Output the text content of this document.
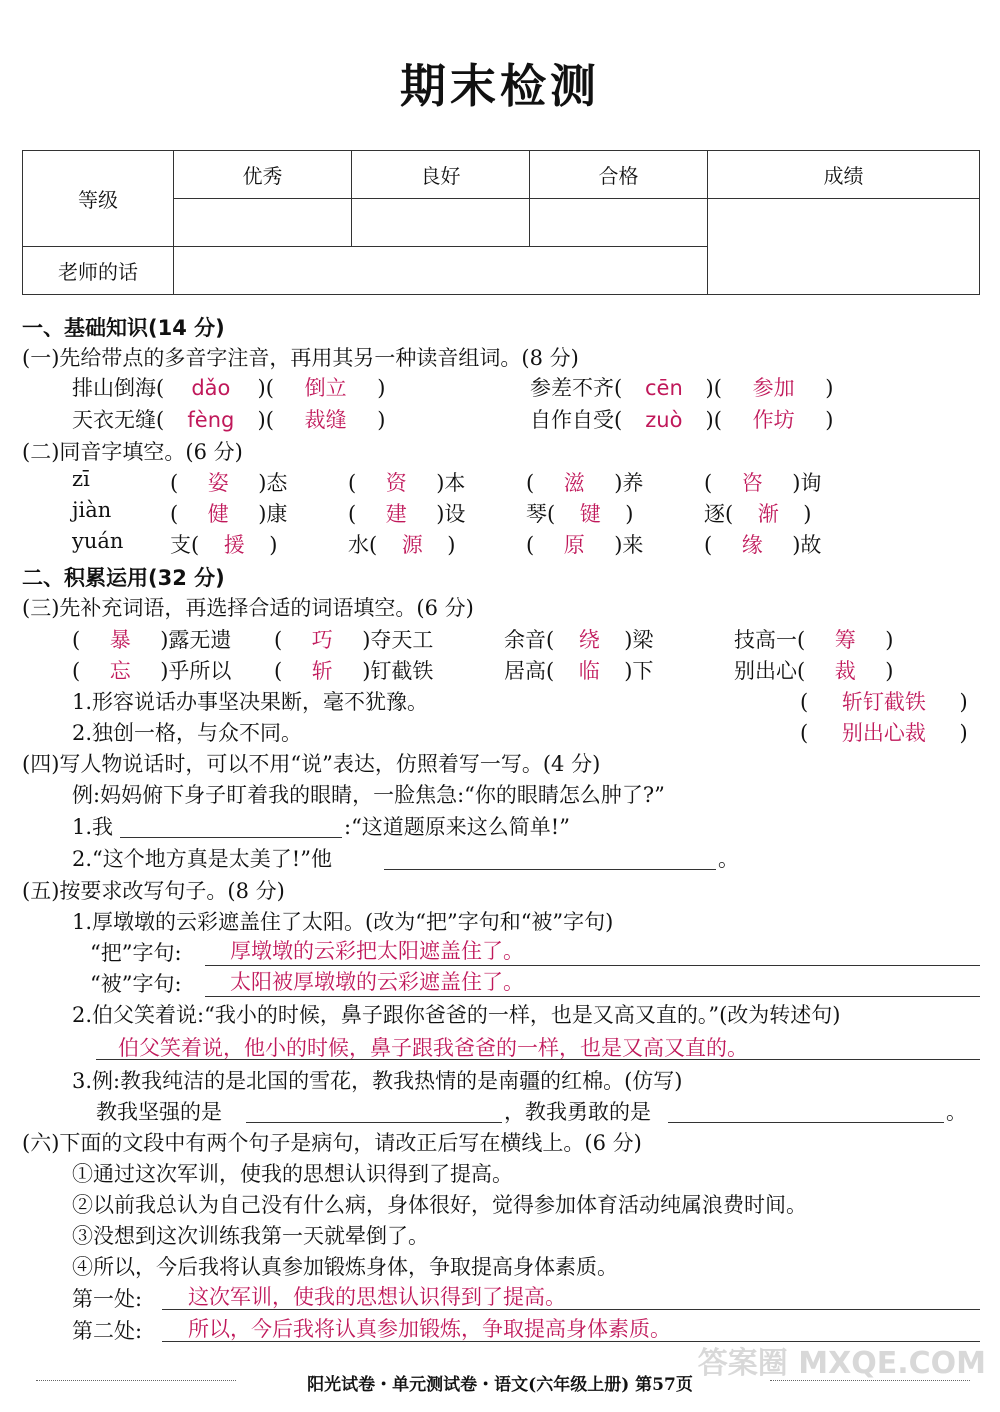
期末检测
等级	优秀	良好	合格	成绩

老师的话				
一、基础知识(14 分)
(一)先给带点的多音字注音，再用其另一种读音组词。(8 分)
排山倒海( dǎo )( 倒立 )	参差不齐( cēn )( 参加 )
天衣无缝( fèng )( 裁缝 )	自作自受( zuò )( 作坊 )
(二)同音字填空。(6 分)
zī	( 姿 )态	( 资 )本	( 滋 )养	( 咨 )询
jiàn	( 健 )康	( 建 )设	琴( 键 )	逐( 渐 )
yuán 支( 援 )	水( 源 )	( 原 )来	( 缘 )故
二、积累运用(32 分)
(三)先补充词语，再选择合适的词语填空。(6 分)
( 暴 )露无遗 ( 巧 )夺天工	余音( 绕 )梁	技高一( 筹 )
( 忘 )乎所以 ( 斩 )钉截铁	居高( 临 )下	别出心( 裁 )
1.形容说话办事坚决果断，毫不犹豫。	( 斩钉截铁 )
2.独创一格，与众不同。	( 别出心裁 )
(四)写人物说话时，可以不用“说”表达，仿照着写一写。(4 分)
例:妈妈俯下身子盯着我的眼睛，一脸焦急:“你的眼睛怎么肿了?”
1.我	:“这道题原来这么简单!”
2.“这个地方真是太美了!”他	。
(五)按要求改写句子。(8 分)
1.厚墩墩的云彩遮盖住了太阳。(改为“把”字句和“被”字句)
“把”字句: 厚墩墩的云彩把太阳遮盖住了。
“被”字句: 太阳被厚墩墩的云彩遮盖住了。
2.伯父笑着说:“我小的时候，鼻子跟你爸爸的一样，也是又高又直的。”(改为转述句)
伯父笑着说，他小的时候，鼻子跟我爸爸的一样，也是又高又直的。
3.例:教我纯洁的是北国的雪花，教我热情的是南疆的红棉。(仿写)
教我坚强的是	，教我勇敢的是	。
(六)下面的文段中有两个句子是病句，请改正后写在横线上。(6 分)
①通过这次军训，使我的思想认识得到了提高。
②以前我总认为自己没有什么病，身体很好，觉得参加体育活动纯属浪费时间。
③没想到这次训练我第一天就晕倒了。
④所以，今后我将认真参加锻炼身体，争取提高身体素质。
第一处: 这次军训，使我的思想认识得到了提高。
第二处: 所以，今后我将认真参加锻炼，争取提高身体素质。
阳光试卷・单元测试卷・语文(六年级上册) 第57页
答案圈 MXQE.COM
